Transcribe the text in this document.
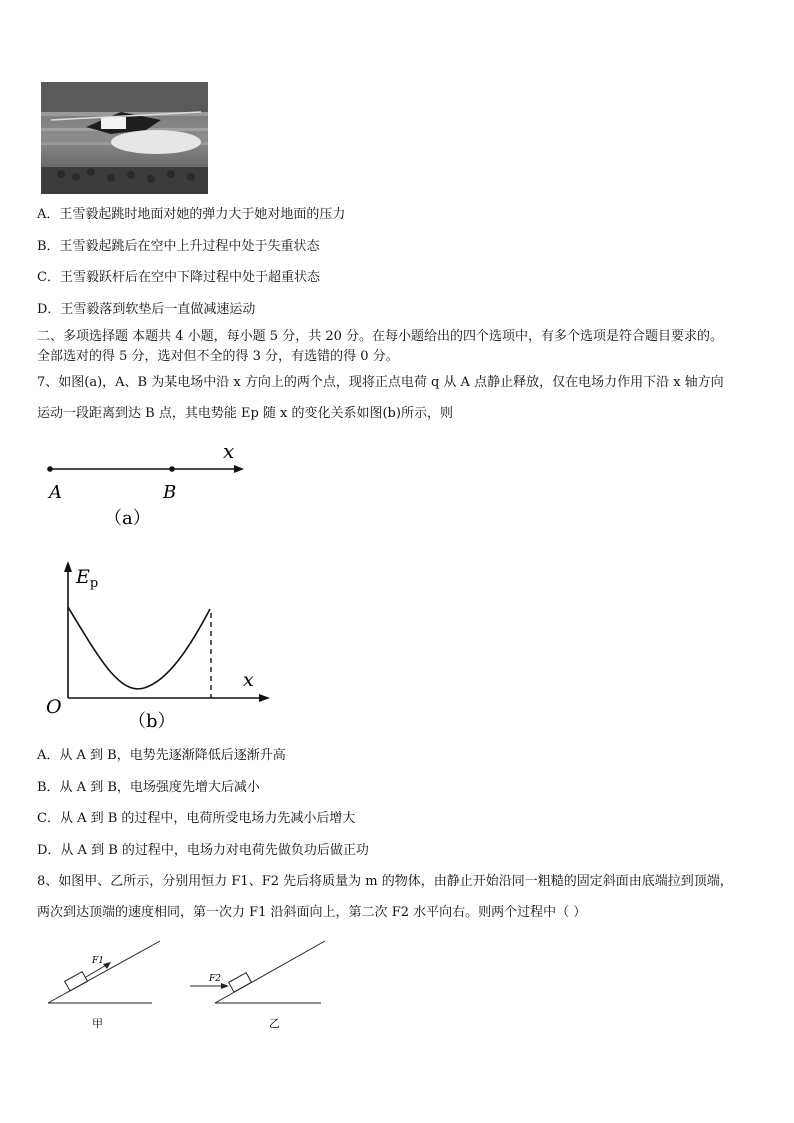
A．王雪毅起跳时地面对她的弹力大于她对地面的压力
B．王雪毅起跳后在空中上升过程中处于失重状态
C．王雪毅跃杆后在空中下降过程中处于超重状态
D．王雪毅落到软垫后一直做减速运动
二、多项选择题 本题共 4 小题，每小题 5 分，共 20 分。在每小题给出的四个选项中，有多个选项是符合题目要求的。
全部选对的得 5 分，选对但不全的得 3 分，有选错的得 0 分。
7、如图(a)，A、B 为某电场中沿 x 方向上的两个点，现将正点电荷 q 从 A 点静止释放，仅在电场力作用下沿 x 轴方向
运动一段距离到达 B 点，其电势能 Ep 随 x 的变化关系如图(b)所示，则
x
A	B
（a）
$E_p$
x
O
（b）
A．从 A 到 B，电势先逐渐降低后逐渐升高
B．从 A 到 B，电场强度先增大后减小
C．从 A 到 B 的过程中，电荷所受电场力先减小后增大
D．从 A 到 B 的过程中，电场力对电荷先做负功后做正功
8、如图甲、乙所示，分别用恒力 F1、F2 先后将质量为 m 的物体，由静止开始沿同一粗糙的固定斜面由底端拉到顶端，
两次到达顶端的速度相同，第一次力 F1 沿斜面向上，第二次 F2 水平向右。则两个过程中（ ）
F1
甲
F2
乙
